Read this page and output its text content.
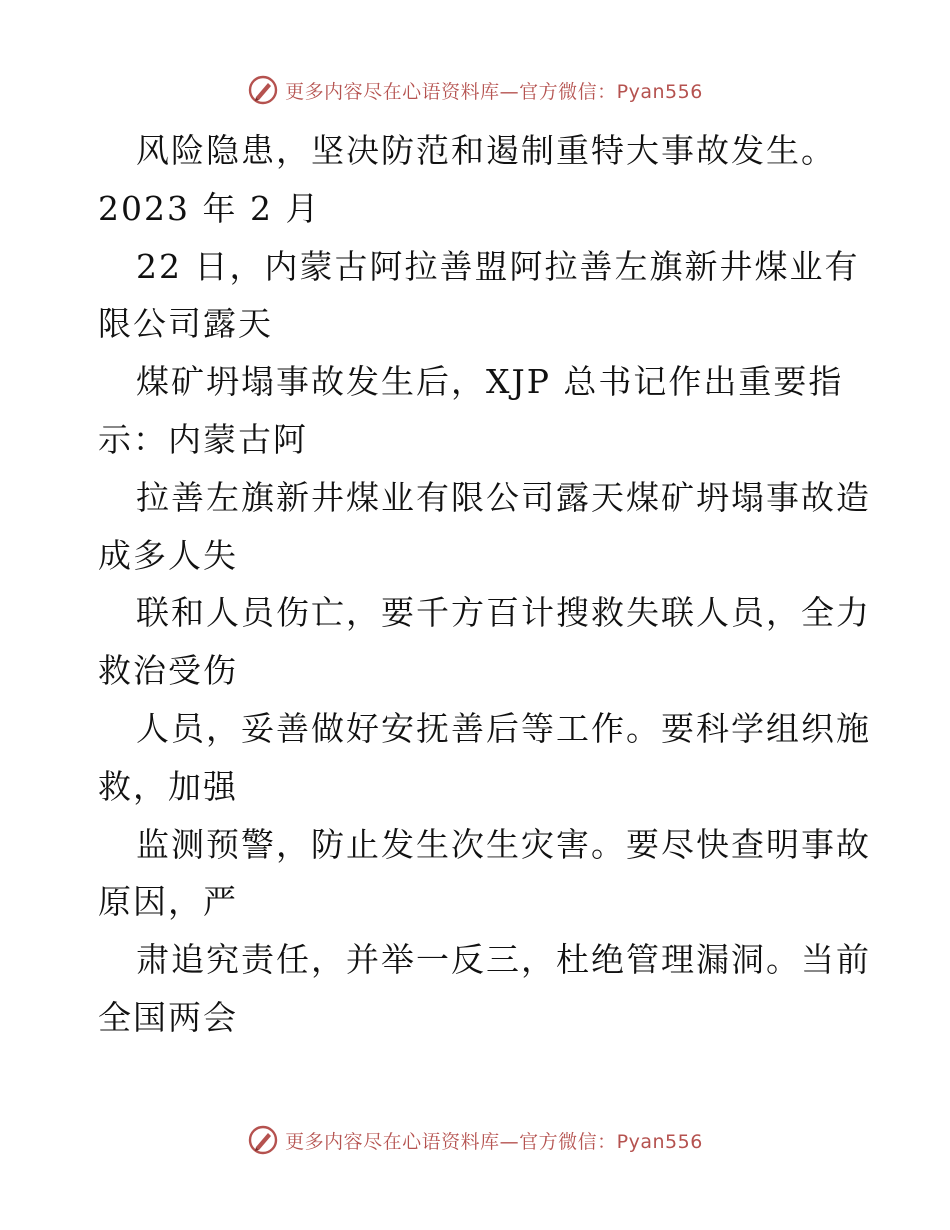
更多内容尽在心语资料库—官方微信：Pyan556
风险隐患，坚决防范和遏制重特大事故发生。
2023 年 2 月
22 日，内蒙古阿拉善盟阿拉善左旗新井煤业有
限公司露天
煤矿坍塌事故发生后，XJP 总书记作出重要指
示：内蒙古阿
拉善左旗新井煤业有限公司露天煤矿坍塌事故造
成多人失
联和人员伤亡，要千方百计搜救失联人员，全力
救治受伤
人员，妥善做好安抚善后等工作。要科学组织施
救，加强
监测预警，防止发生次生灾害。要尽快查明事故
原因，严
肃追究责任，并举一反三，杜绝管理漏洞。当前
全国两会
更多内容尽在心语资料库—官方微信：Pyan556
